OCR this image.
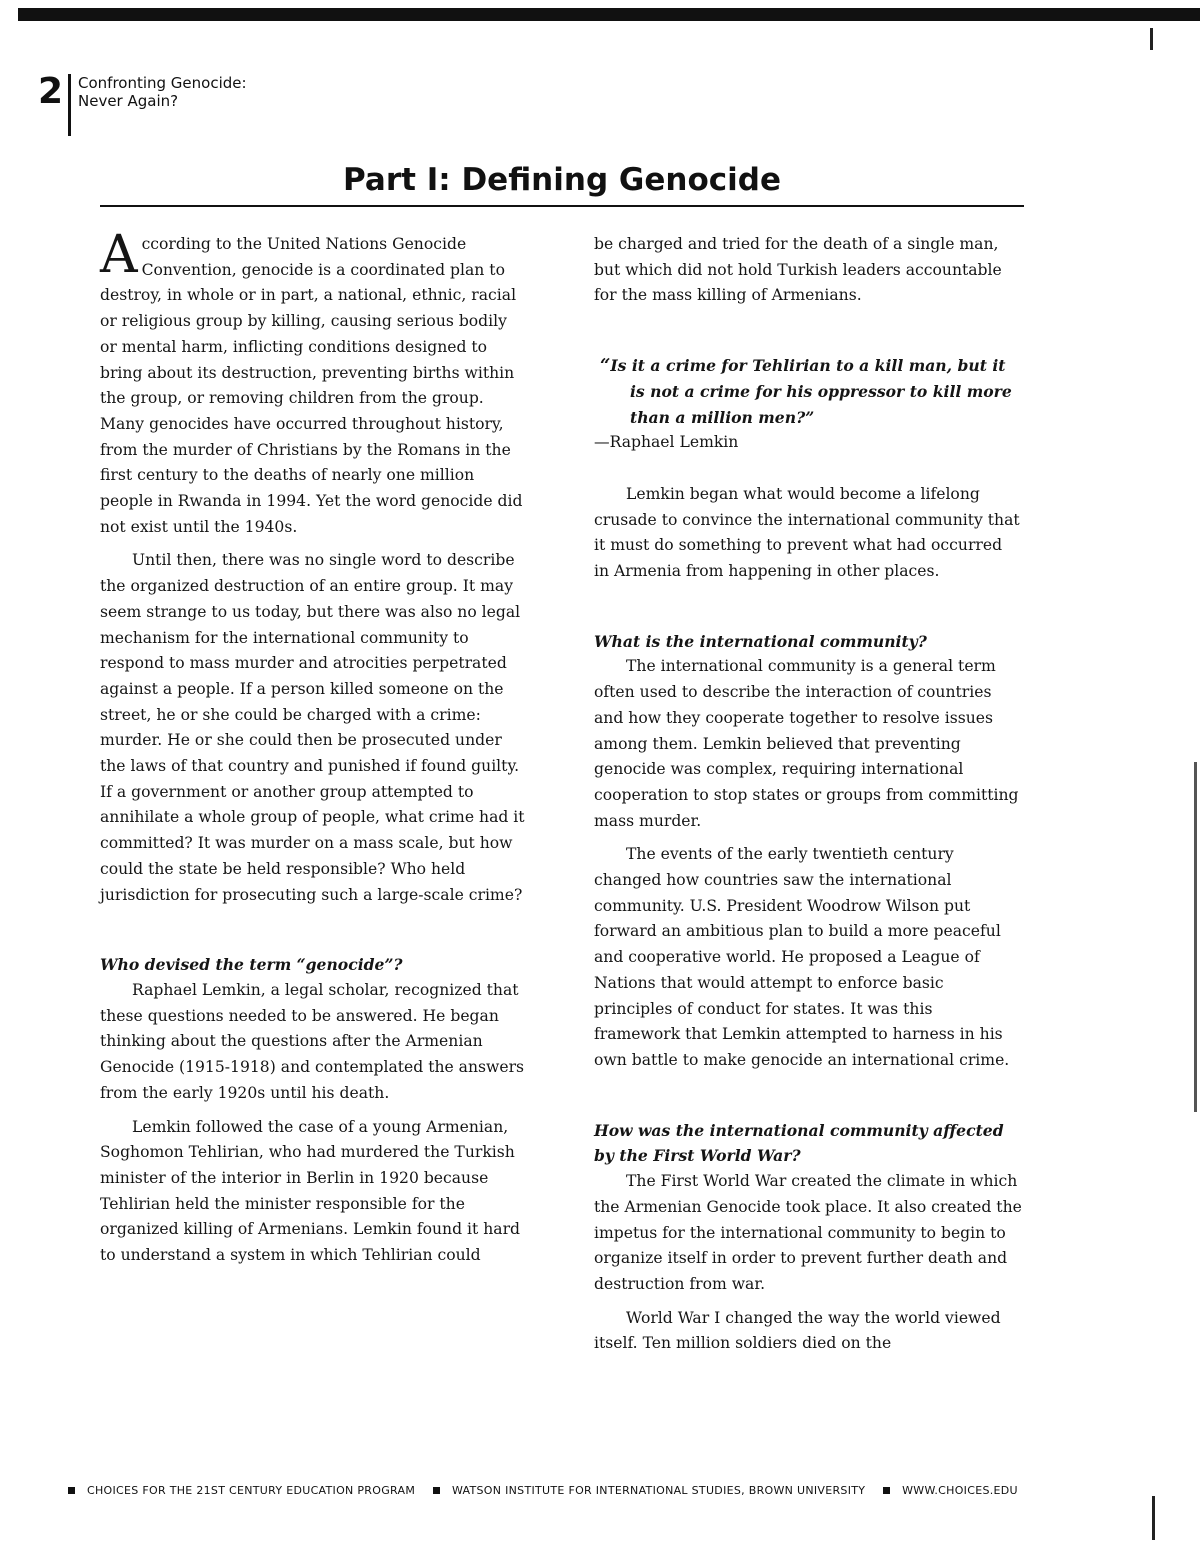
2 Confronting Genocide:
Never Again?
Part I: Defining Genocide

According to the United Nations Genocide Convention, genocide is a coordinated plan to destroy, in whole or in part, a national, ethnic, racial or religious group by killing, causing serious bodily or mental harm, inflicting conditions designed to bring about its destruction, preventing births within the group, or removing children from the group. Many genocides have occurred throughout history, from the murder of Christians by the Romans in the first century to the deaths of nearly one million people in Rwanda in 1994. Yet the word genocide did not exist until the 1940s.

Until then, there was no single word to describe the organized destruction of an entire group. It may seem strange to us today, but there was also no legal mechanism for the international community to respond to mass murder and atrocities perpetrated against a people. If a person killed someone on the street, he or she could be charged with a crime: murder. He or she could then be prosecuted under the laws of that country and punished if found guilty. If a government or another group attempted to annihilate a whole group of people, what crime had it committed? It was murder on a mass scale, but how could the state be held responsible? Who held jurisdiction for prosecuting such a large-scale crime?

Who devised the term “genocide”?

Raphael Lemkin, a legal scholar, recognized that these questions needed to be answered. He began thinking about the questions after the Armenian Genocide (1915-1918) and contemplated the answers from the early 1920s until his death.

Lemkin followed the case of a young Armenian, Soghomon Tehlirian, who had murdered the Turkish minister of the interior in Berlin in 1920 because Tehlirian held the minister responsible for the organized killing of Armenians. Lemkin found it hard to understand a system in which Tehlirian could

be charged and tried for the death of a single man, but which did not hold Turkish leaders accountable for the mass killing of Armenians.

“Is it a crime for Tehlirian to a kill man, but it is not a crime for his oppressor to kill more than a million men?”

—Raphael Lemkin

Lemkin began what would become a lifelong crusade to convince the international community that it must do something to prevent what had occurred in Armenia from happening in other places.

What is the international community?

The international community is a general term often used to describe the interaction of countries and how they cooperate together to resolve issues among them. Lemkin believed that preventing genocide was complex, requiring international cooperation to stop states or groups from committing mass murder.

The events of the early twentieth century changed how countries saw the international community. U.S. President Woodrow Wilson put forward an ambitious plan to build a more peaceful and cooperative world. He proposed a League of Nations that would attempt to enforce basic principles of conduct for states. It was this framework that Lemkin attempted to harness in his own battle to make genocide an international crime.

How was the international community affected by the First World War?

The First World War created the climate in which the Armenian Genocide took place. It also created the impetus for the international community to begin to organize itself in order to prevent further death and destruction from war.

World War I changed the way the world viewed itself. Ten million soldiers died on the

CHOICES FOR THE 21ST CENTURY EDUCATION PROGRAM	WATSON INSTITUTE FOR INTERNATIONAL STUDIES, BROWN UNIVERSITY	WWW.CHOICES.EDU
